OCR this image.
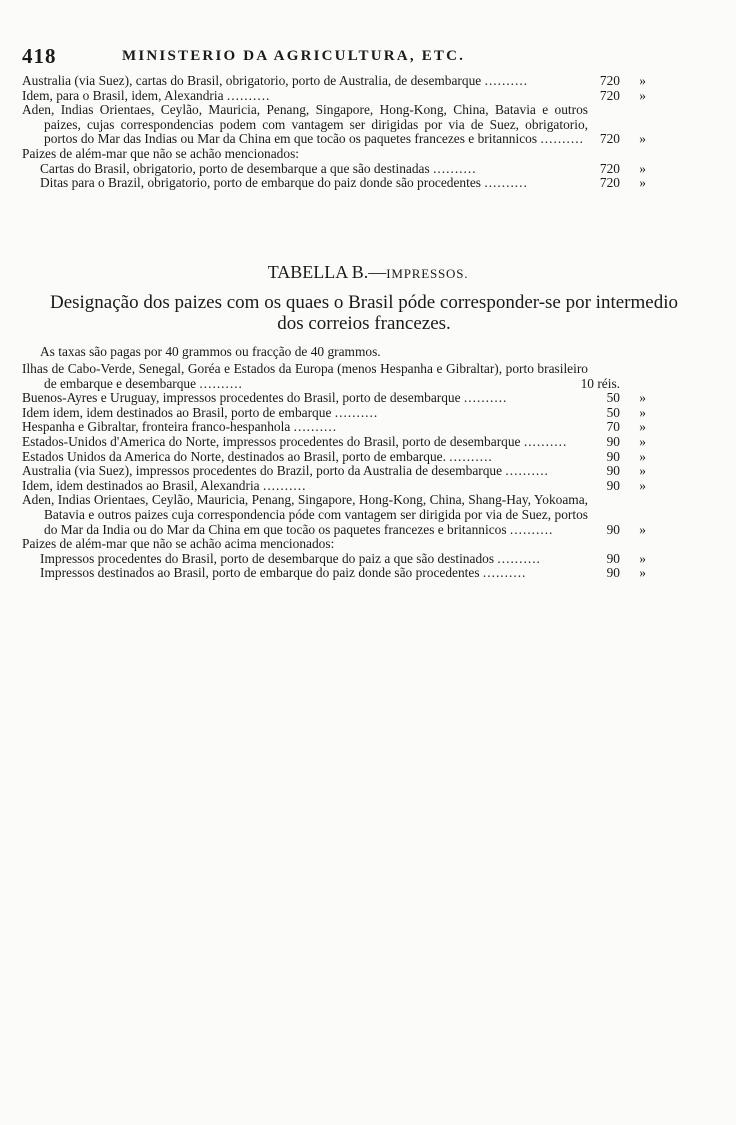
418	MINISTERIO DA AGRICULTURA, ETC.
Australia (via Suez), cartas do Brasil, obrigatorio, porto de Australia, de desembarque ..........	720 »
Idem, para o Brasil, idem, Alexandria ..........	720 »
Aden, Indias Orientaes, Ceylão, Mauricia, Penang, Singapore, Hong-Kong, China, Batavia e outros paizes, cujas correspondencias podem com vantagem ser dirigidas por via de Suez, obrigatorio, portos do Mar das Indias ou Mar da China em que tocão os paquetes francezes e britannicos ..........	720 »
Paizes de além-mar que não se achão mencionados:
Cartas do Brasil, obrigatorio, porto de desembarque a que são destinadas ..........	720 »
Ditas para o Brazil, obrigatorio, porto de embarque do paiz donde são procedentes ..........	720 »
TABELLA B.—IMPRESSOS.
Designação dos paizes com os quaes o Brasil póde corresponder-se por intermedio dos correios francezes.
As taxas são pagas por 40 grammos ou fracção de 40 grammos.
Ilhas de Cabo-Verde, Senegal, Goréa e Estados da Europa (menos Hespanha e Gibraltar), porto brasileiro de embarque e desembarque ..........	10 réis.
Buenos-Ayres e Uruguay, impressos procedentes do Brasil, porto de desembarque ..........	50 »
Idem idem, idem destinados ao Brasil, porto de embarque ..........	50 »
Hespanha e Gibraltar, fronteira franco-hespanhola ..........	70 »
Estados-Unidos d'America do Norte, impressos procedentes do Brasil, porto de desembarque ..........	90 »
Estados Unidos da America do Norte, destinados ao Brasil, porto de embarque. ..........	90 »
Australia (via Suez), impressos procedentes do Brazil, porto da Australia de desembarque ..........	90 »
Idem, idem destinados ao Brasil, Alexandria ..........	90 »
Aden, Indias Orientaes, Ceylão, Mauricia, Penang, Singapore, Hong-Kong, China, Shang-Hay, Yokoama, Batavia e outros paizes cuja correspondencia póde com vantagem ser dirigida por via de Suez, portos do Mar da India ou do Mar da China em que tocão os paquetes francezes e britannicos ..........	90 »
Paizes de além-mar que não se achão acima mencionados:
Impressos procedentes do Brasil, porto de desembarque do paiz a que são destinados ..........	90 »
Impressos destinados ao Brasil, porto de embarque do paiz donde são procedentes ..........	90 »
